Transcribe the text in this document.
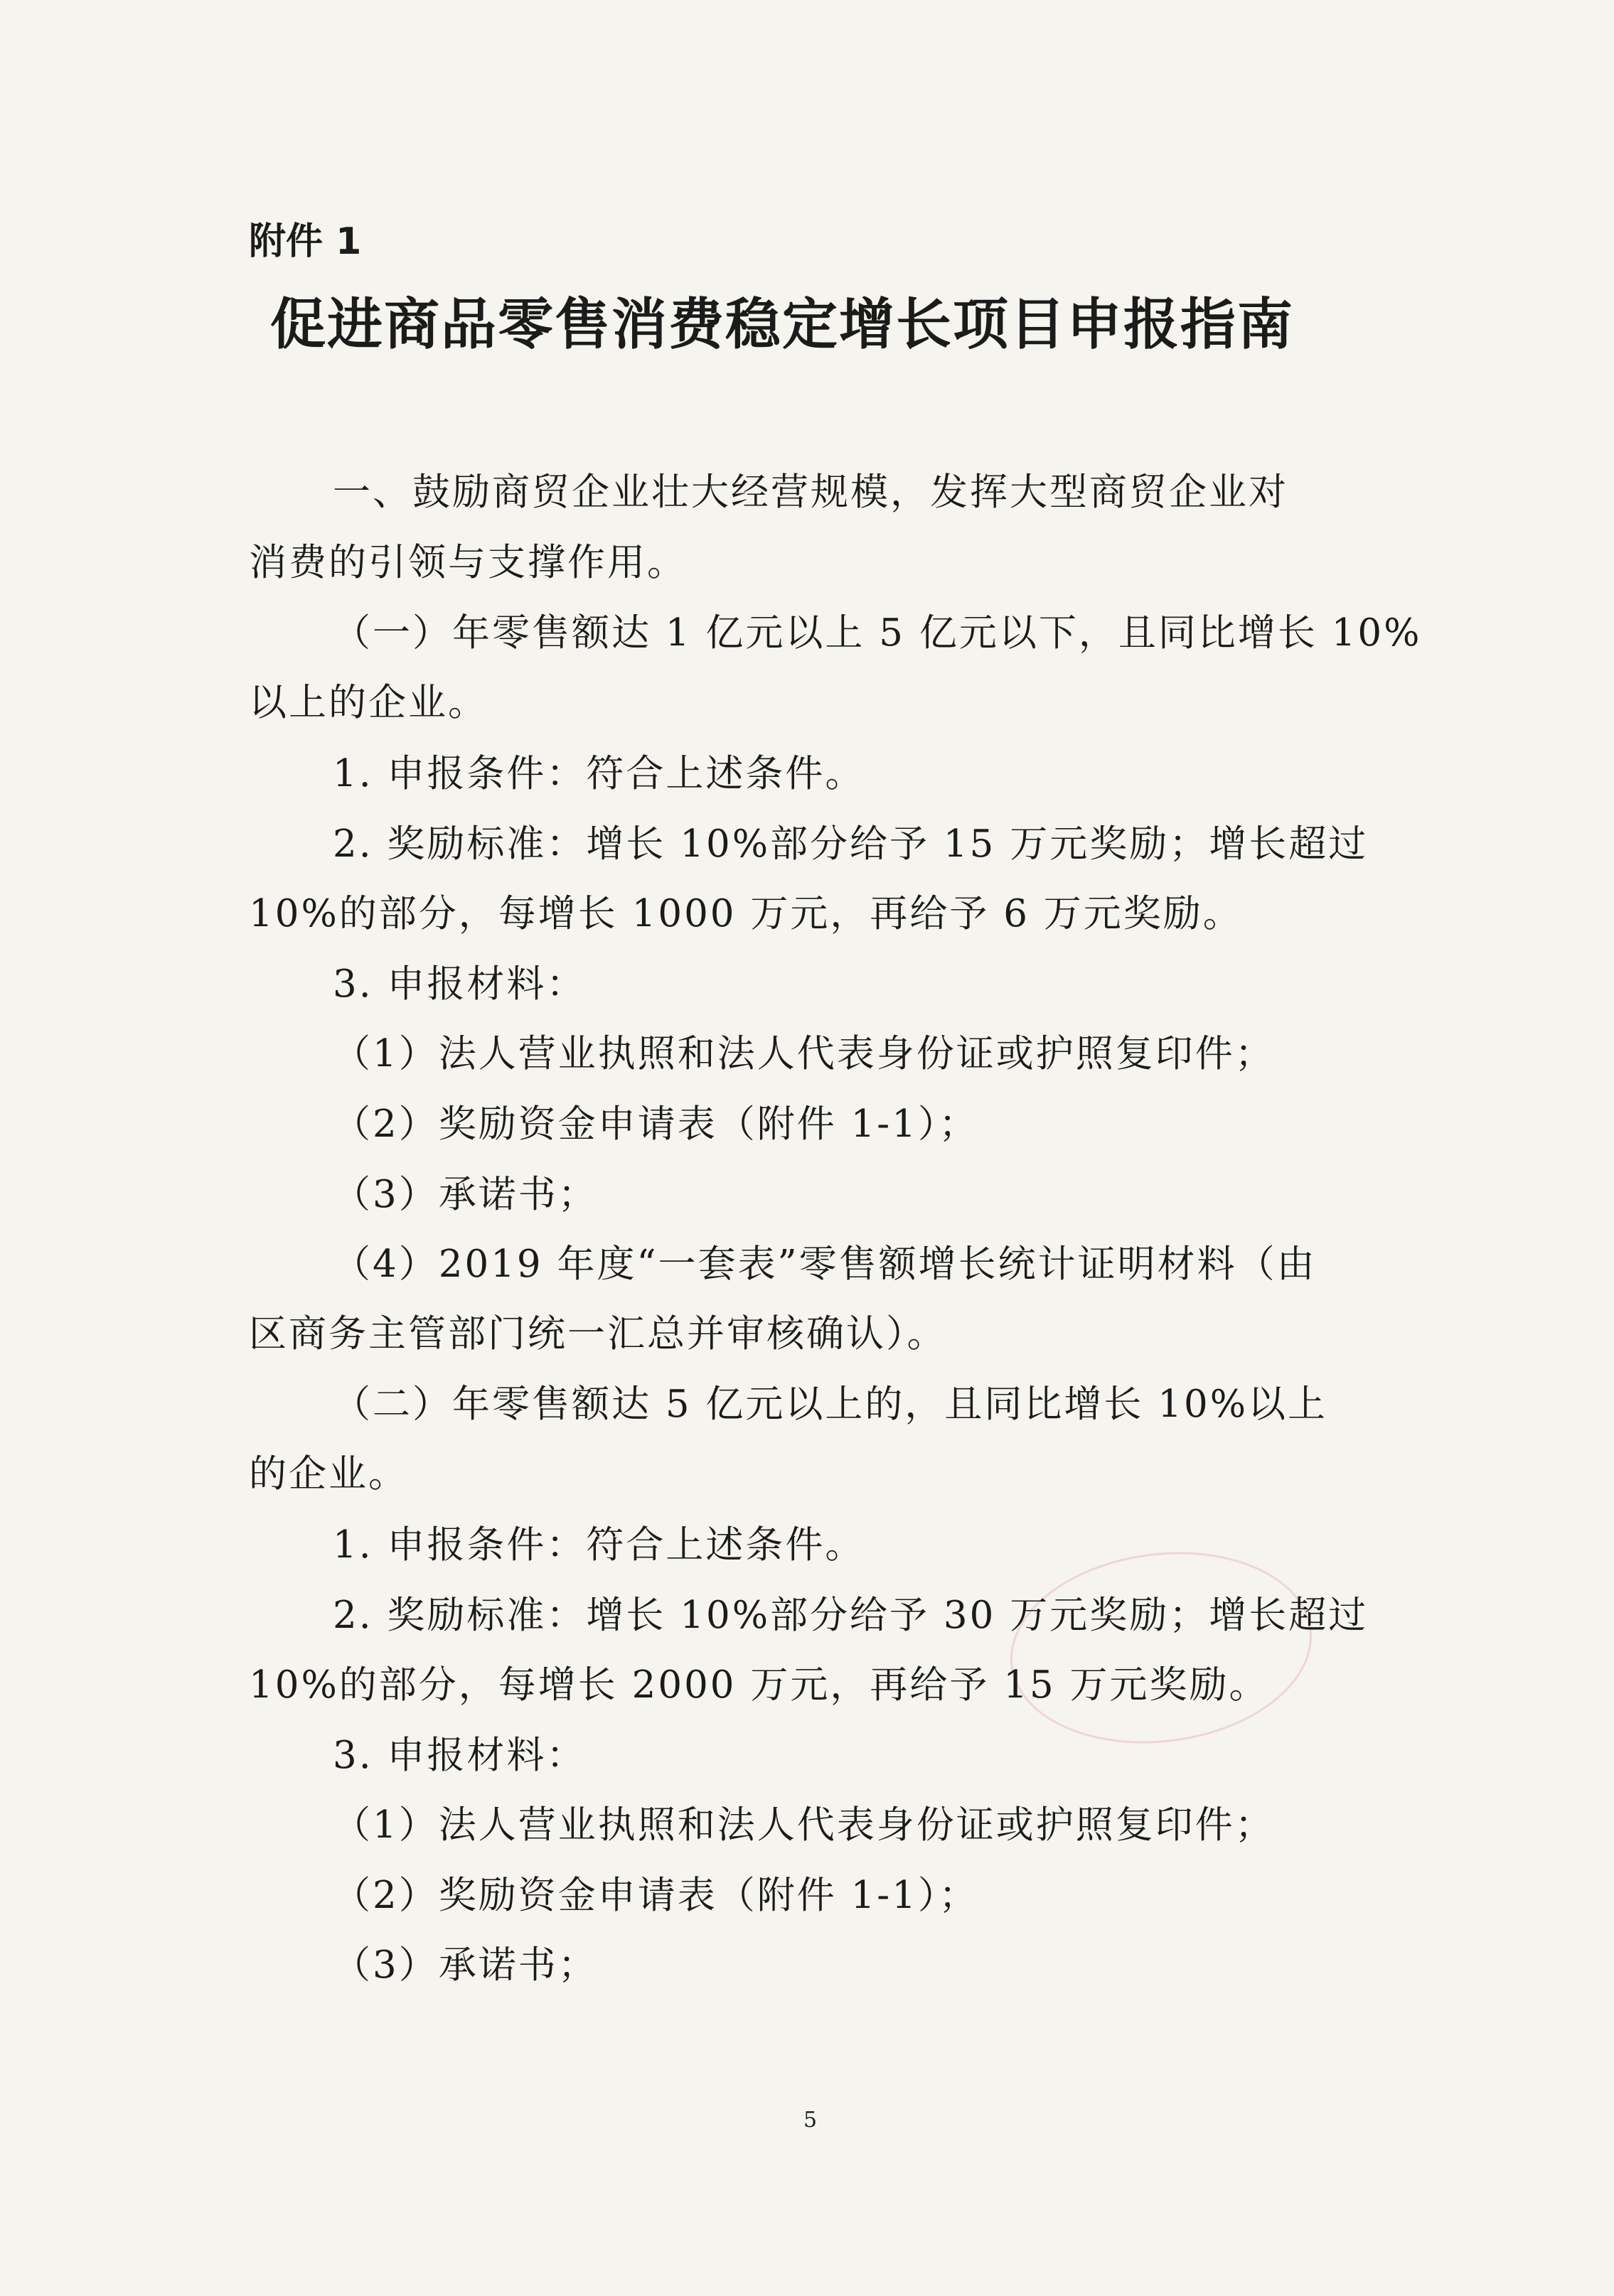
附件 1
促进商品零售消费稳定增长项目申报指南
一、鼓励商贸企业壮大经营规模，发挥大型商贸企业对
消费的引领与支撑作用。
（一）年零售额达 1 亿元以上 5 亿元以下，且同比增长 10%
以上的企业。
1. 申报条件：符合上述条件。
2. 奖励标准：增长 10%部分给予 15 万元奖励；增长超过
10%的部分，每增长 1000 万元，再给予 6 万元奖励。
3. 申报材料：
（1）法人营业执照和法人代表身份证或护照复印件；
（2）奖励资金申请表（附件 1-1）；
（3）承诺书；
（4）2019 年度“一套表”零售额增长统计证明材料（由
区商务主管部门统一汇总并审核确认）。
（二）年零售额达 5 亿元以上的，且同比增长 10%以上
的企业。
1. 申报条件：符合上述条件。
2. 奖励标准：增长 10%部分给予 30 万元奖励；增长超过
10%的部分，每增长 2000 万元，再给予 15 万元奖励。
3. 申报材料：
（1）法人营业执照和法人代表身份证或护照复印件；
（2）奖励资金申请表（附件 1-1）；
（3）承诺书；
5
